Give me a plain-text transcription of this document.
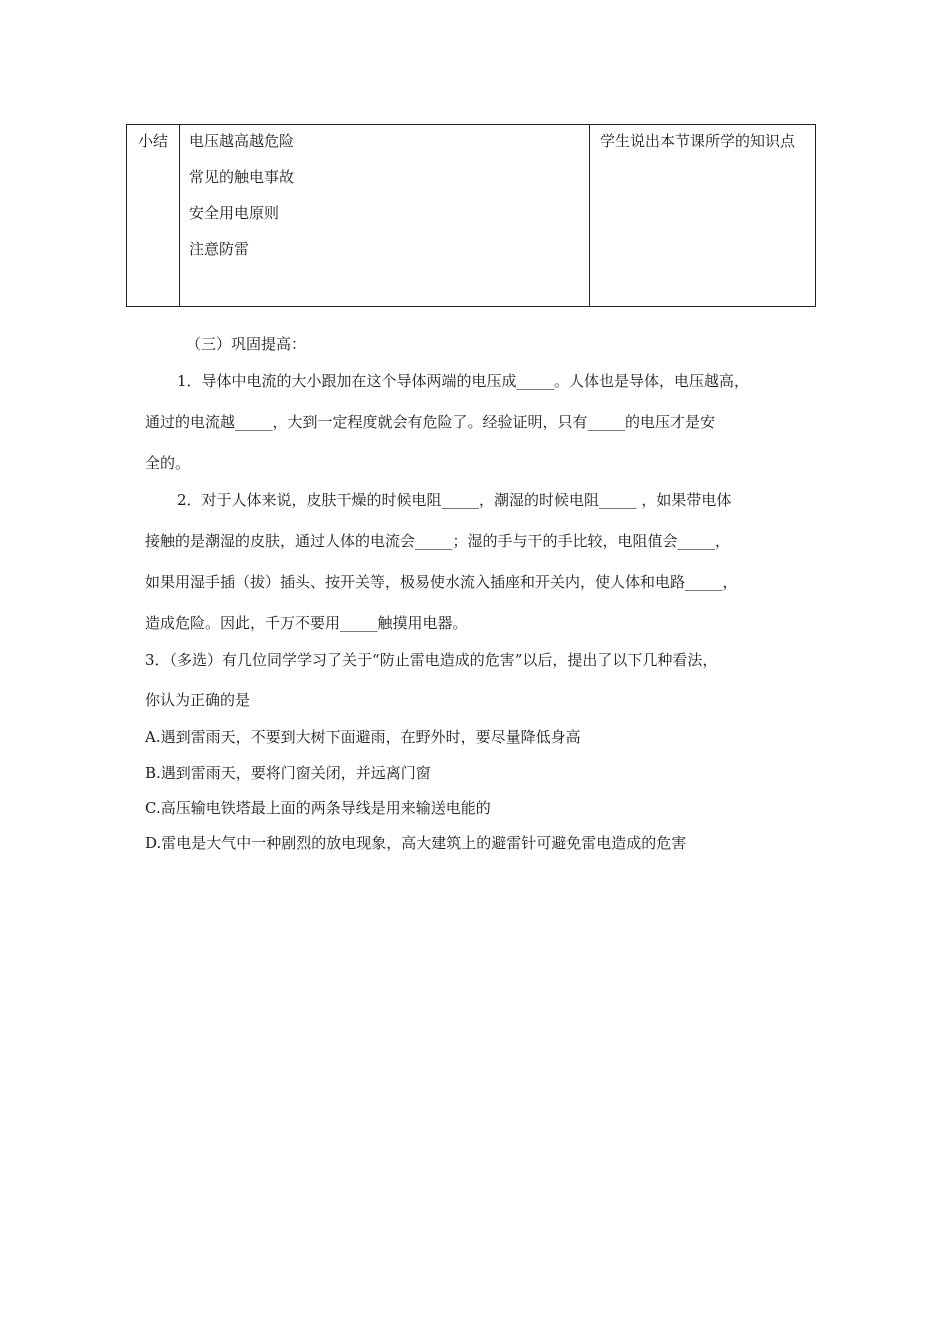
小结	电压越高越危险
常见的触电事故
安全用电原则
注意防雷
	学生说出本节课所学的知识点
（三）巩固提高：
1．导体中电流的大小跟加在这个导体两端的电压成_____。人体也是导体，电压越高，
通过的电流越_____，大到一定程度就会有危险了。经验证明，只有_____的电压才是安
全的。
2．对于人体来说，皮肤干燥的时候电阻_____，潮湿的时候电阻_____ ，如果带电体
接触的是潮湿的皮肤，通过人体的电流会_____；湿的手与干的手比较，电阻值会_____，
如果用湿手插（拔）插头、按开关等，极易使水流入插座和开关内，使人体和电路_____，
造成危险。因此，千万不要用_____触摸用电器。
3．（多选）有几位同学学习了关于“防止雷电造成的危害”以后，提出了以下几种看法，
你认为正确的是
A.遇到雷雨天，不要到大树下面避雨，在野外时，要尽量降低身高
B.遇到雷雨天，要将门窗关闭，并远离门窗
C.高压输电铁塔最上面的两条导线是用来输送电能的
D.雷电是大气中一种剧烈的放电现象，高大建筑上的避雷针可避免雷电造成的危害
